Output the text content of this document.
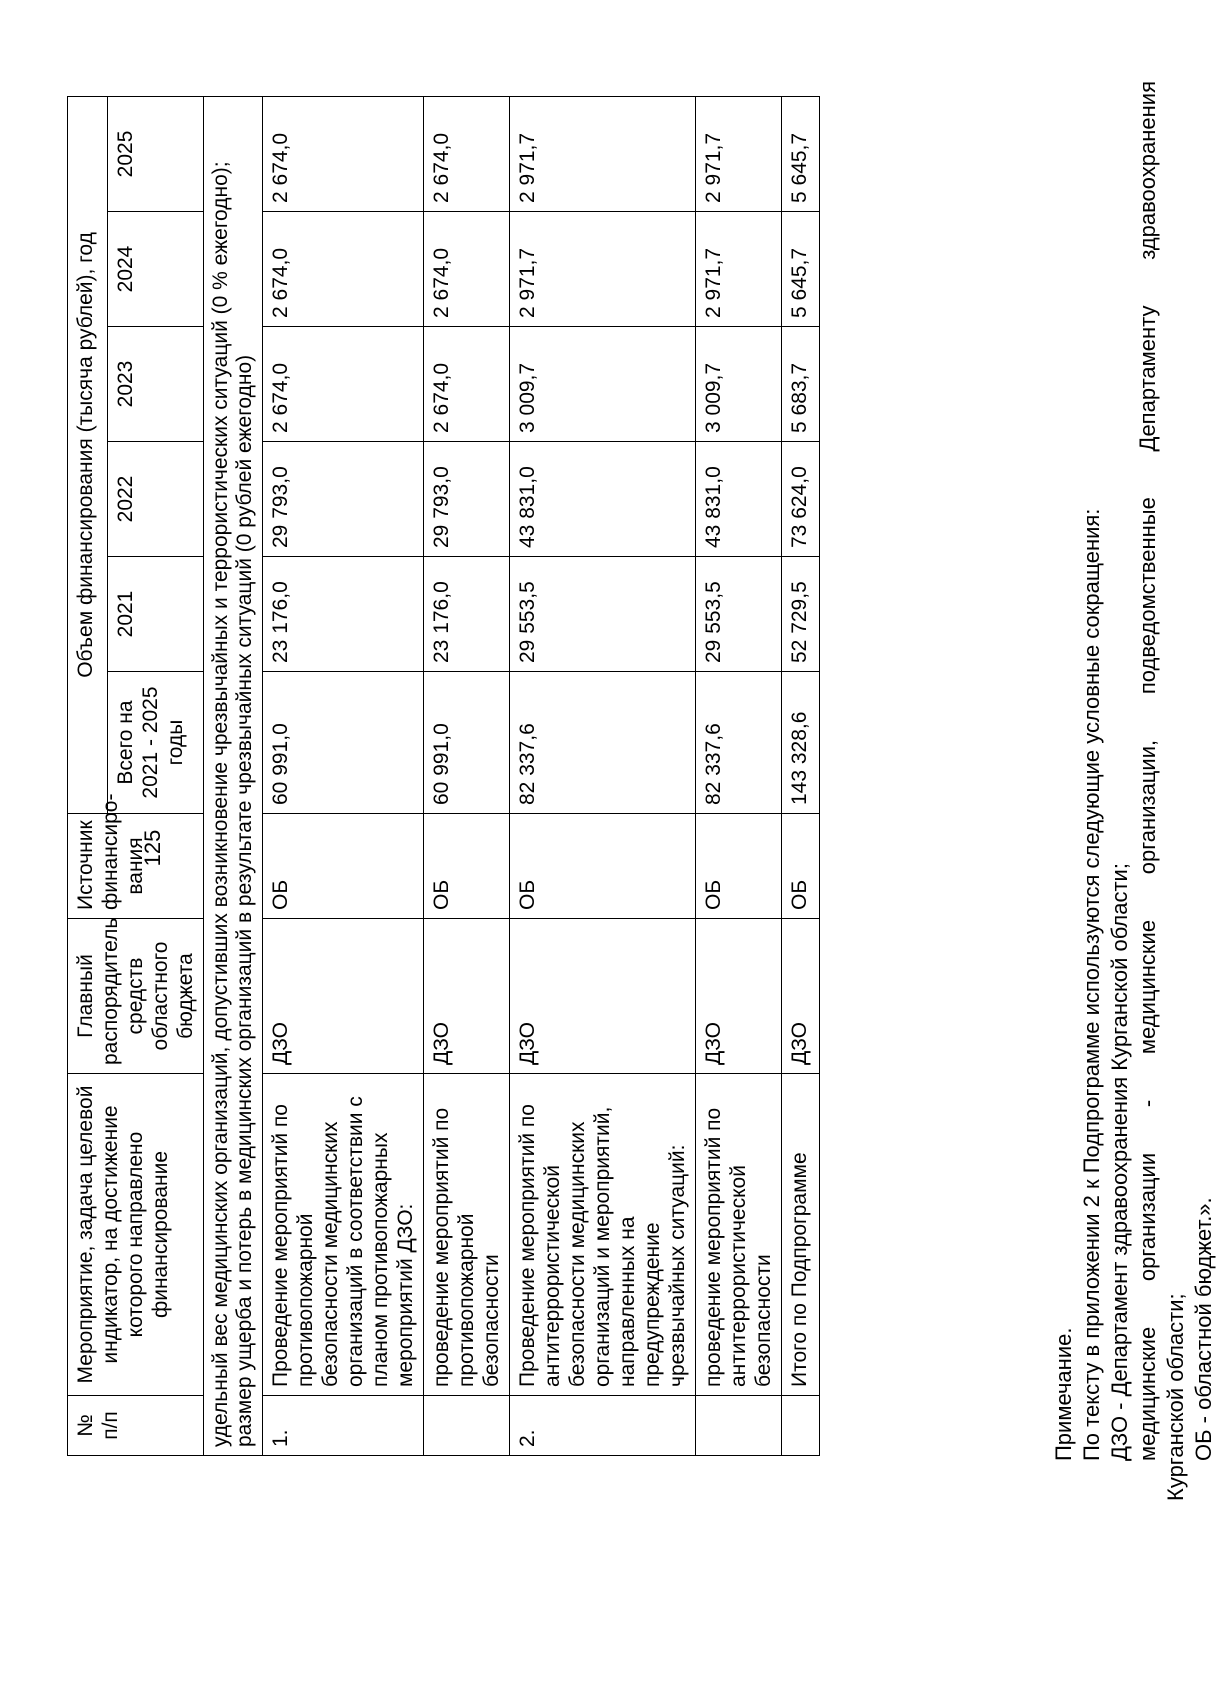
125
№ п/п	Мероприятие, задача целевой индикатор, на достижение которого направлено финансирование	Главный распорядитель средств областного бюджета	Источник финансиро-вания	Объем финансирования (тысяча рублей), год					
				Всего на 2021 - 2025 годы	2021	2022	2023	2024	2025
удельный вес медицинских организаций, допустивших возникновение чрезвычайных и террористических ситуаций (0 % ежегодно); размер ущерба и потерь в медицинских организаций в результате чрезвычайных ситуаций (0 рублей ежегодно)									
1.	Проведение мероприятий по противопожарной безопасности медицинских организаций в соответствии с планом противопожарных мероприятий ДЗО:	ДЗО	ОБ	60 991,0	23 176,0	29 793,0	2 674,0	2 674,0	2 674,0
	проведение мероприятий по противопожарной безопасности	ДЗО	ОБ	60 991,0	23 176,0	29 793,0	2 674,0	2 674,0	2 674,0
2.	Проведение мероприятий по антитеррористической безопасности медицинских организаций и мероприятий, направленных на предупреждение чрезвычайных ситуаций:	ДЗО	ОБ	82 337,6	29 553,5	43 831,0	3 009,7	2 971,7	2 971,7
	проведение мероприятий по антитеррористической безопасности	ДЗО	ОБ	82 337,6	29 553,5	43 831,0	3 009,7	2 971,7	2 971,7
	Итого по Подпрограмме	ДЗО	ОБ	143 328,6	52 729,5	73 624,0	5 683,7	5 645,7	5 645,7

Примечание. По тексту в приложении 2 к Подпрограмме используются следующие условные сокращения: ДЗО - Департамент здравоохранения Курганской области; медицинские
организации
-
медицинские
организации,
подведомственные
Департаменту
здравоохранения

Курганской области; ОБ - областной бюджет.».
